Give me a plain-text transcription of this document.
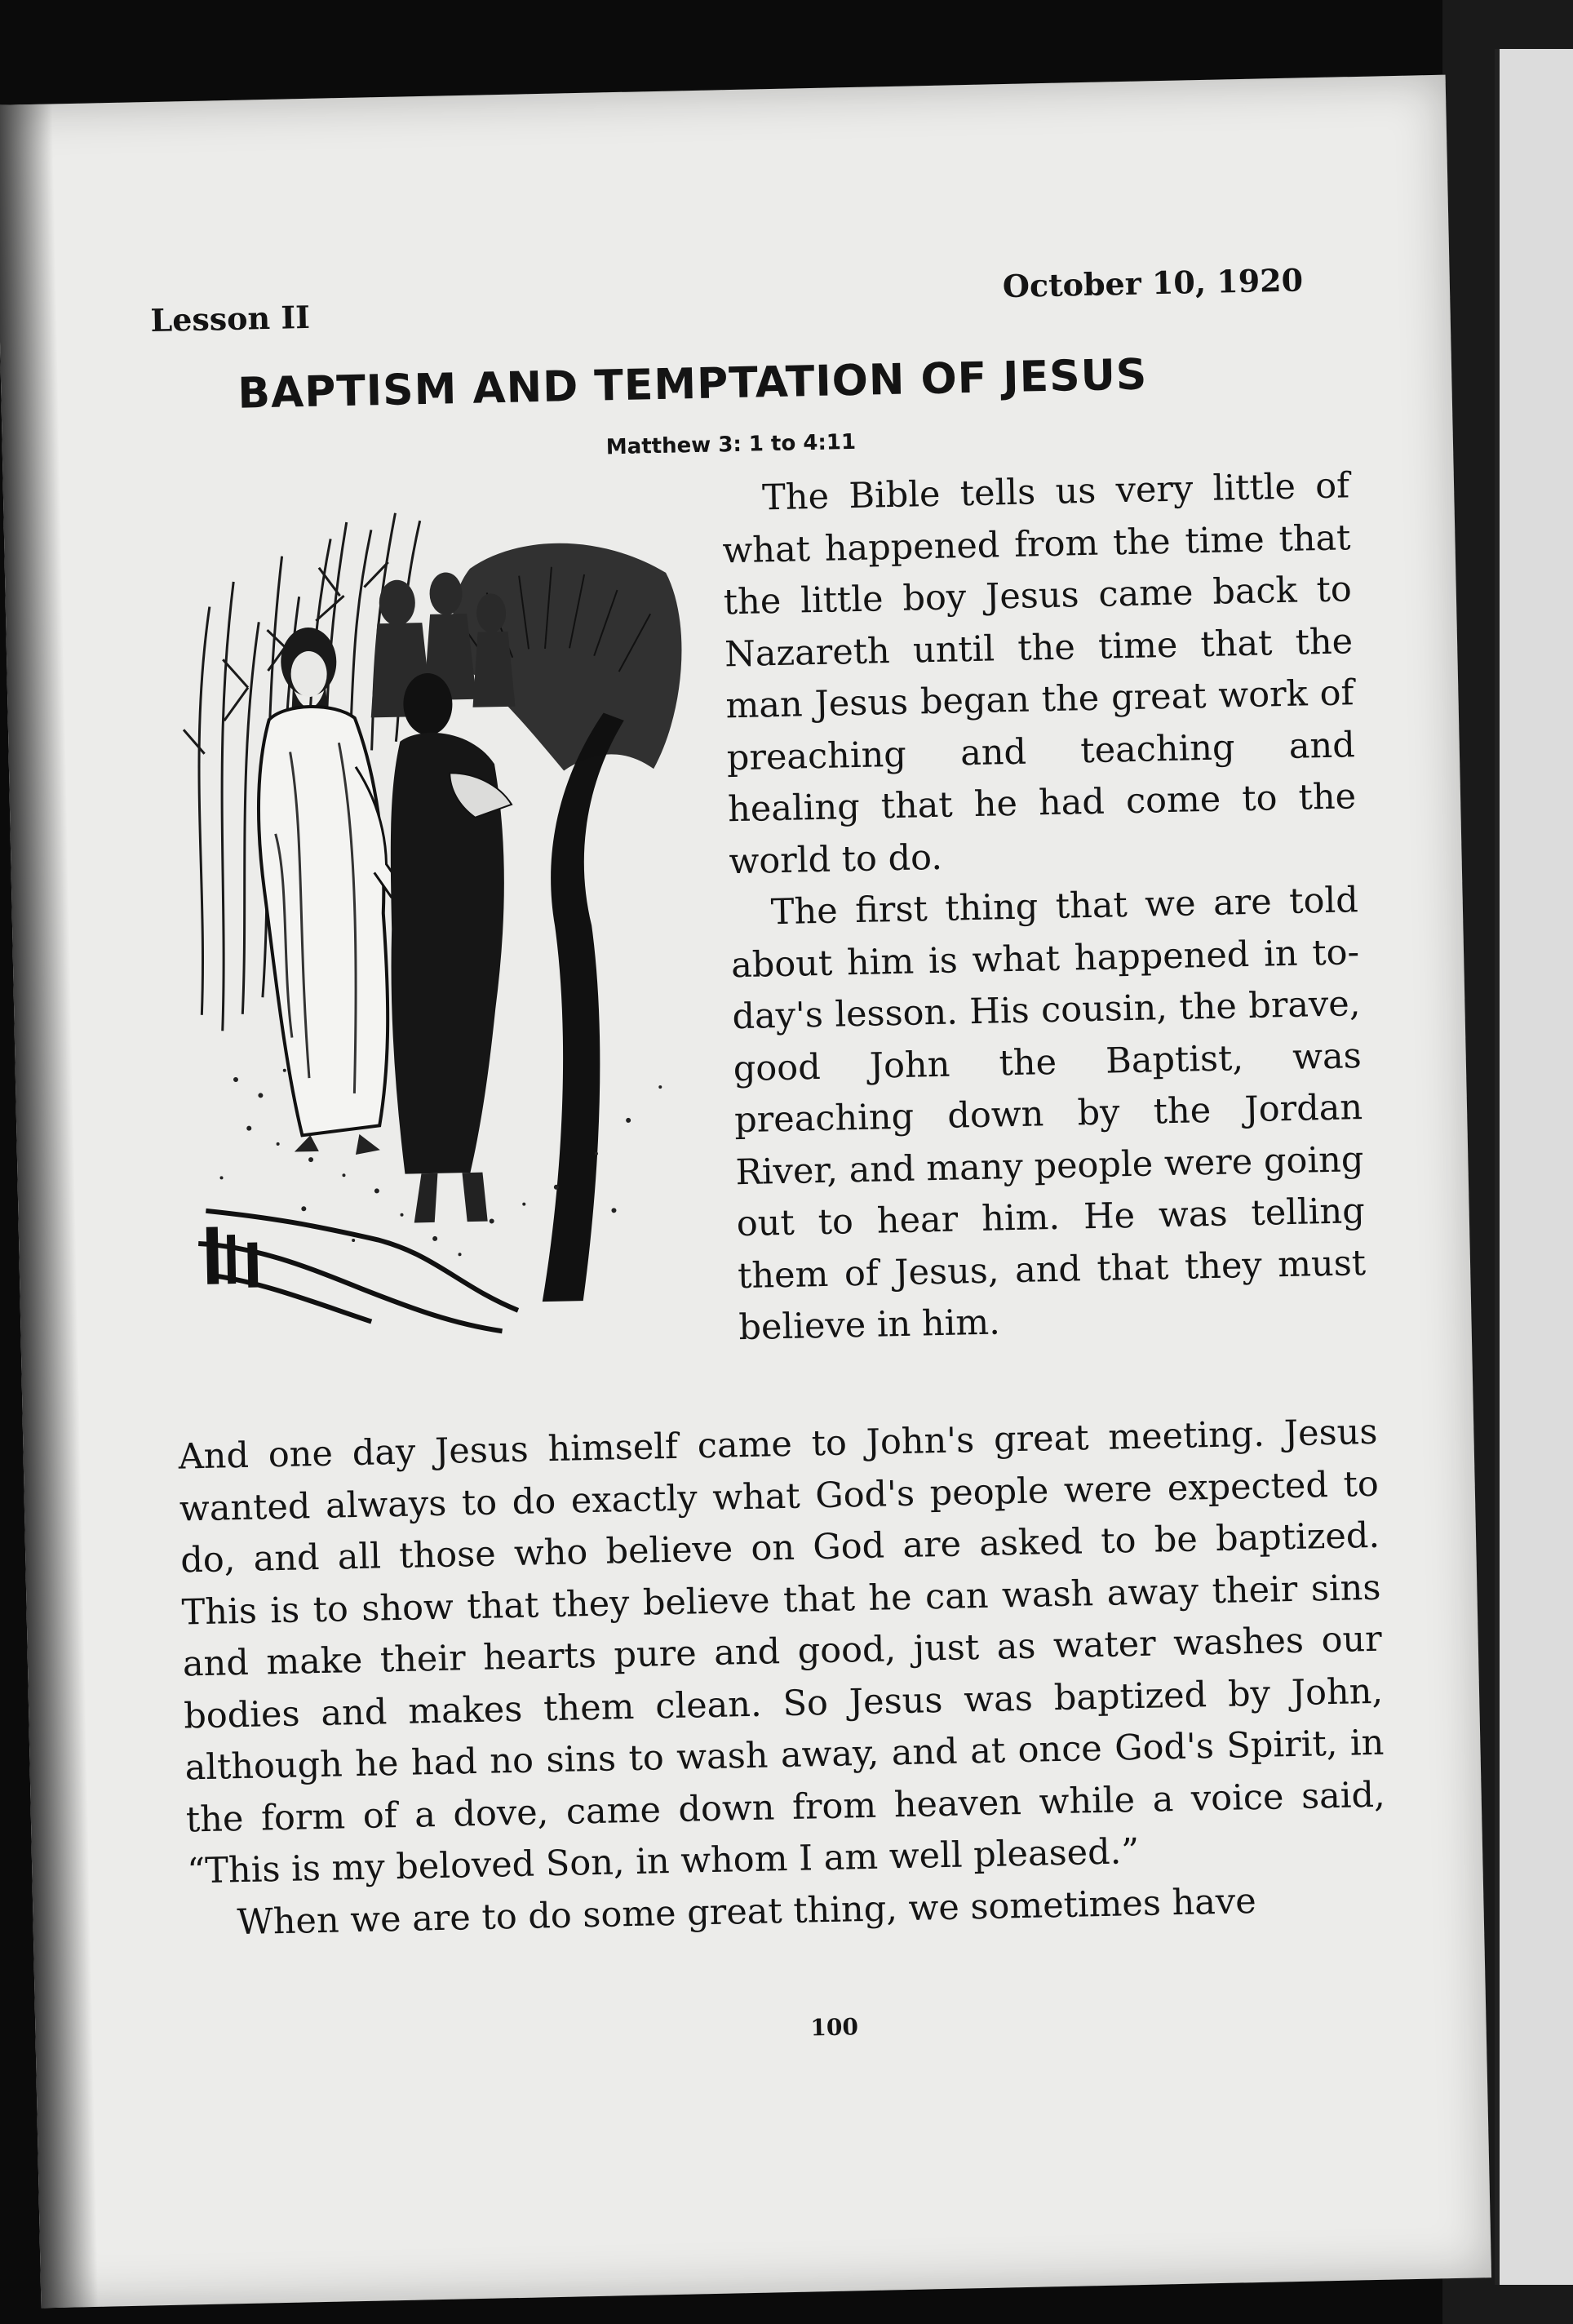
Lesson II
October 10, 1920
BAPTISM AND TEMPTATION OF JESUS
Matthew 3: 1 to 4:11

The Bible tells us very little of what happened from the time that the little boy Jesus came back to Nazareth until the time that the man Jesus began the great work of preaching and teaching and healing that he had come to the world to do.

The first thing that we are told about him is what happened in to-day's lesson. His cousin, the brave, good John the Baptist, was preaching down by the Jordan River, and many people were going out to hear him. He was telling them of Jesus, and that they must believe in him.

And one day Jesus himself came to John's great meeting. Jesus wanted always to do exactly what God's people were expected to do, and all those who believe on God are asked to be baptized. This is to show that they believe that he can wash away their sins and make their hearts pure and good, just as water washes our bodies and makes them clean. So Jesus was baptized by John, although he had no sins to wash away, and at once God's Spirit, in the form of a dove, came down from heaven while a voice said, “This is my beloved Son, in whom I am well pleased.”

When we are to do some great thing, we sometimes have

100
